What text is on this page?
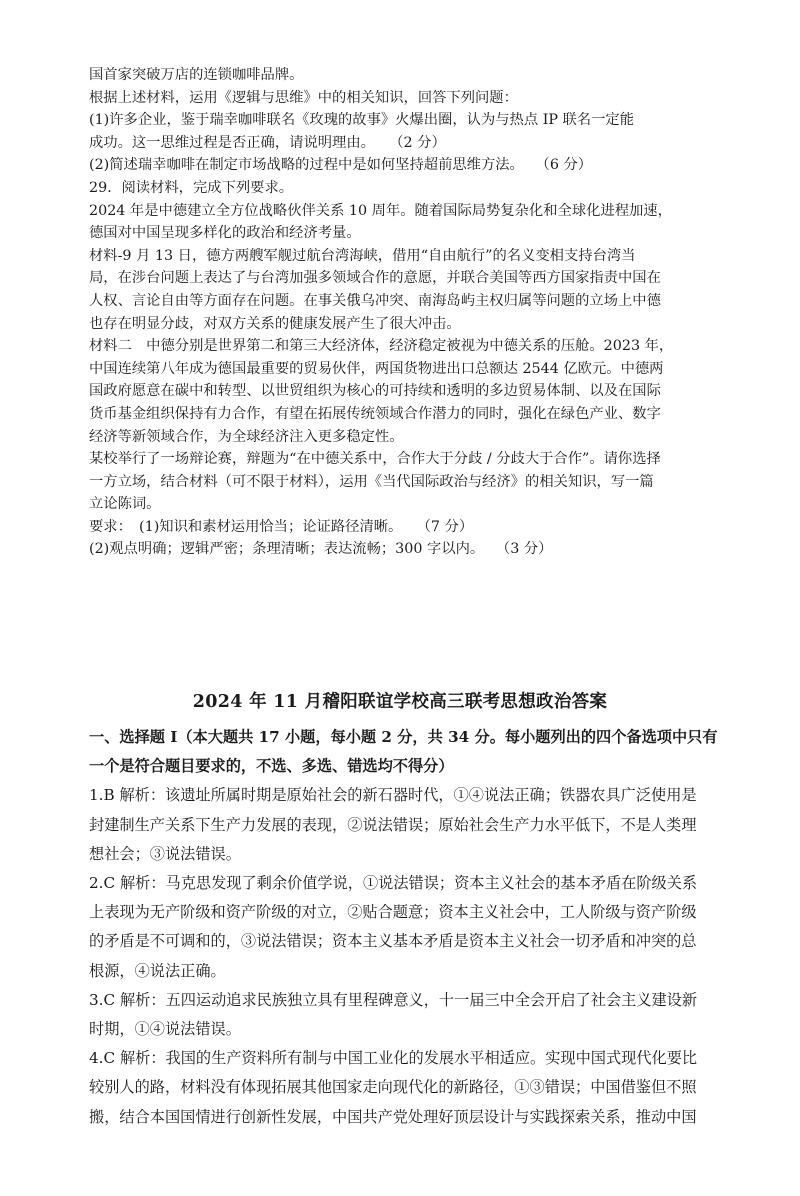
国首家突破万店的连锁咖啡品牌。

根据上述材料，运用《逻辑与思维》中的相关知识，回答下列问题：

(1)许多企业，鉴于瑞幸咖啡联名《玫瑰的故事》火爆出圈，认为与热点 IP 联名一定能

成功。这一思维过程是否正确，请说明理由。　　（2 分）

(2)简述瑞幸咖啡在制定市场战略的过程中是如何坚持超前思维方法。　 （6 分）

29．阅读材料，完成下列要求。

2024 年是中德建立全方位战略伙伴关系 10 周年。随着国际局势复杂化和全球化进程加速，

德国对中国呈现多样化的政治和经济考量。

材料-9 月 13 日，德方两艘军舰过航台湾海峡，借用“自由航行”的名义变相支持台湾当

局，在涉台问题上表达了与台湾加强多领域合作的意愿，并联合美国等西方国家指责中国在

人权、言论自由等方面存在问题。在事关俄乌冲突、南海岛屿主权归属等问题的立场上中德

也存在明显分歧，对双方关系的健康发展产生了很大冲击。

材料二　中德分别是世界第二和第三大经济体，经济稳定被视为中德关系的压舱。2023 年，

中国连续第八年成为德国最重要的贸易伙伴，两国货物进出口总额达 2544 亿欧元。中德两

国政府愿意在碳中和转型、以世贸组织为核心的可持续和透明的多边贸易体制、以及在国际

货币基金组织保持有力合作，有望在拓展传统领域合作潜力的同时，强化在绿色产业、数字

经济等新领域合作，为全球经济注入更多稳定性。

某校举行了一场辩论赛，辩题为“在中德关系中，合作大于分歧 / 分歧大于合作”。请你选择

一方立场，结合材料（可不限于材料），运用《当代国际政治与经济》的相关知识，写一篇

立论陈词。

要求：　(1)知识和素材运用恰当；论证路径清晰。　　（7 分）

(2)观点明确；逻辑严密；条理清晰；表达流畅；300 字以内。　 （3 分）

2024 年 11 月稽阳联谊学校高三联考思想政治答案

一、选择题 I（本大题共 17 小题，每小题 2 分，共 34 分。每小题列出的四个备选项中只有

一个是符合题目要求的，不选、多选、错选均不得分）

1.B 解析：该遗址所属时期是原始社会的新石器时代，①④说法正确；铁器农具广泛使用是

封建制生产关系下生产力发展的表现，②说法错误；原始社会生产力水平低下，不是人类理

想社会；③说法错误。

2.C 解析：马克思发现了剩余价值学说，①说法错误；资本主义社会的基本矛盾在阶级关系

上表现为无产阶级和资产阶级的对立，②贴合题意；资本主义社会中，工人阶级与资产阶级

的矛盾是不可调和的，③说法错误；资本主义基本矛盾是资本主义社会一切矛盾和冲突的总

根源，④说法正确。

3.C 解析：五四运动追求民族独立具有里程碑意义，十一届三中全会开启了社会主义建设新

时期，①④说法错误。

4.C 解析：我国的生产资料所有制与中国工业化的发展水平相适应。实现中国式现代化要比

较别人的路，材料没有体现拓展其他国家走向现代化的新路径，①③错误；中国借鉴但不照

搬，结合本国国情进行创新性发展，中国共产党处理好顶层设计与实践探索关系，推动中国
